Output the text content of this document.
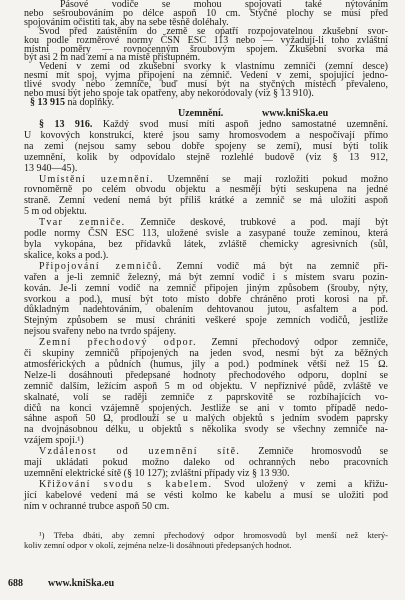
Pásové vodiče se mohou spojovati také nýtováním
nebo sešroubováním po délce aspoň 10 cm. Styčné plochy se musí před
spojováním očistiti tak, aby na sebe těsně doléhaly.
Svod před zaústěním do země se opatří rozpojovatelnou zkušební svor-
kou podle rozměrové normy ČSN ESC 113 nebo — vyžadují-li toho zvláštní
místní poměry — rovnocenným šroubovým spojem. Zkušební svorka má
být asi 2 m nad zemí a na místě přístupném.
Vedení v zemi od zkušební svorky k vlastnímu zemniči (zemní desce)
nesmí mít spoj, vyjma připojení na zemnič. Vedení v zemi, spojující jedno-
tlivé svody nebo zemniče, buď musí být na styčných místech převaleno,
nebo musí být jeho spoje tak opatřeny, aby nekorodovaly (viz § 13 910).
§ 13 915 na doplňky.
Uzemnění.	www.kniSka.eu
§ 13 916. Každý svod musí míti aspoň jedno samostatné uzemnění.
U kovových konstrukcí, které jsou samy hromosvodem a nespočívají přímo
na zemi (nejsou samy sebou dobře spojeny se zemí), musí býti tolik
uzemnění, kolik by odpovídalo stejně rozlehlé budově (viz § 13 912,
13 940—45).
Umístění uzemnění. Uzemnění se mají rozložiti pokud možno
rovnoměrně po celém obvodu objektu a nesmějí býti seskupena na jedné
straně. Zemní vedení nemá být příliš krátké a zemnič se má uložiti aspoň
5 m od objektu.
Tvar zemniče. Zemniče deskové, trubkové a pod. mají být
podle normy ČSN ESC 113, uložené svisle a zasypané touže zeminou, která
byla vykopána, bez přídavků látek, zvláště chemicky agresivních (sůl,
skalice, koks a pod.).
Připojování zemničů. Zemní vodič má být na zemnič při-
vařen a je-li zemnič železný, má být zemní vodič i s místem svaru pozin-
kován. Je-li zemní vodič na zemnič připojen jiným způsobem (šrouby, nýty,
svorkou a pod.), musí být toto místo dobře chráněno proti korosi na př.
důkladným nadehtováním, obalením dehtovanou jutou, asfaltem a pod.
Stejným způsobem se musí chrániti veškeré spoje zemních vodičů, jestliže
nejsou svařeny nebo na tvrdo spájeny.
Zemní přechodový odpor. Zemní přechodový odpor zemniče,
či skupiny zemničů připojených na jeden svod, nesmí být za běžných
atmosférických a půdních (humus, jíly a pod.) podmínek větší než 15 Ω.
Nelze-li dosáhnouti předepsané hodnoty přechodového odporu, doplní se
zemnič dalším, ležícím aspoň 5 m od objektu. V nepříznivé půdě, zvláště ve
skalnaté, volí se raději zemniče z paprskovitě se rozbíhajících vo-
dičů na konci vzájemně spojených. Jestliže se ani v tomto případě nedo-
sáhne aspoň 50 Ω, prodlouží se u malých objektů s jedním svodem paprsky
na dvojnásobnou délku, u objektů s několika svody se všechny zemniče na-
vzájem spojí.¹)
Vzdálenost od uzemnění sítě. Zemniče hromosvodů se
mají ukládati pokud možno daleko od ochranných nebo pracovních
uzemnění elektrické sítě (§ 10 127); zvláštní případy viz § 13 930.
Křižování svodu s kabelem. Svod uložený v zemi a křižu-
jící kabelové vedení má se vésti kolmo ke kabelu a musí se uložiti pod
ním v ochranné trubce aspoň 50 cm.
¹) Třeba dbáti, aby zemní přechodový odpor hromosvodů byl menší než který-
koliv zemní odpor v okolí, zejména nelze-li dosáhnouti předepsaných hodnot.
688	www.kniSka.eu
